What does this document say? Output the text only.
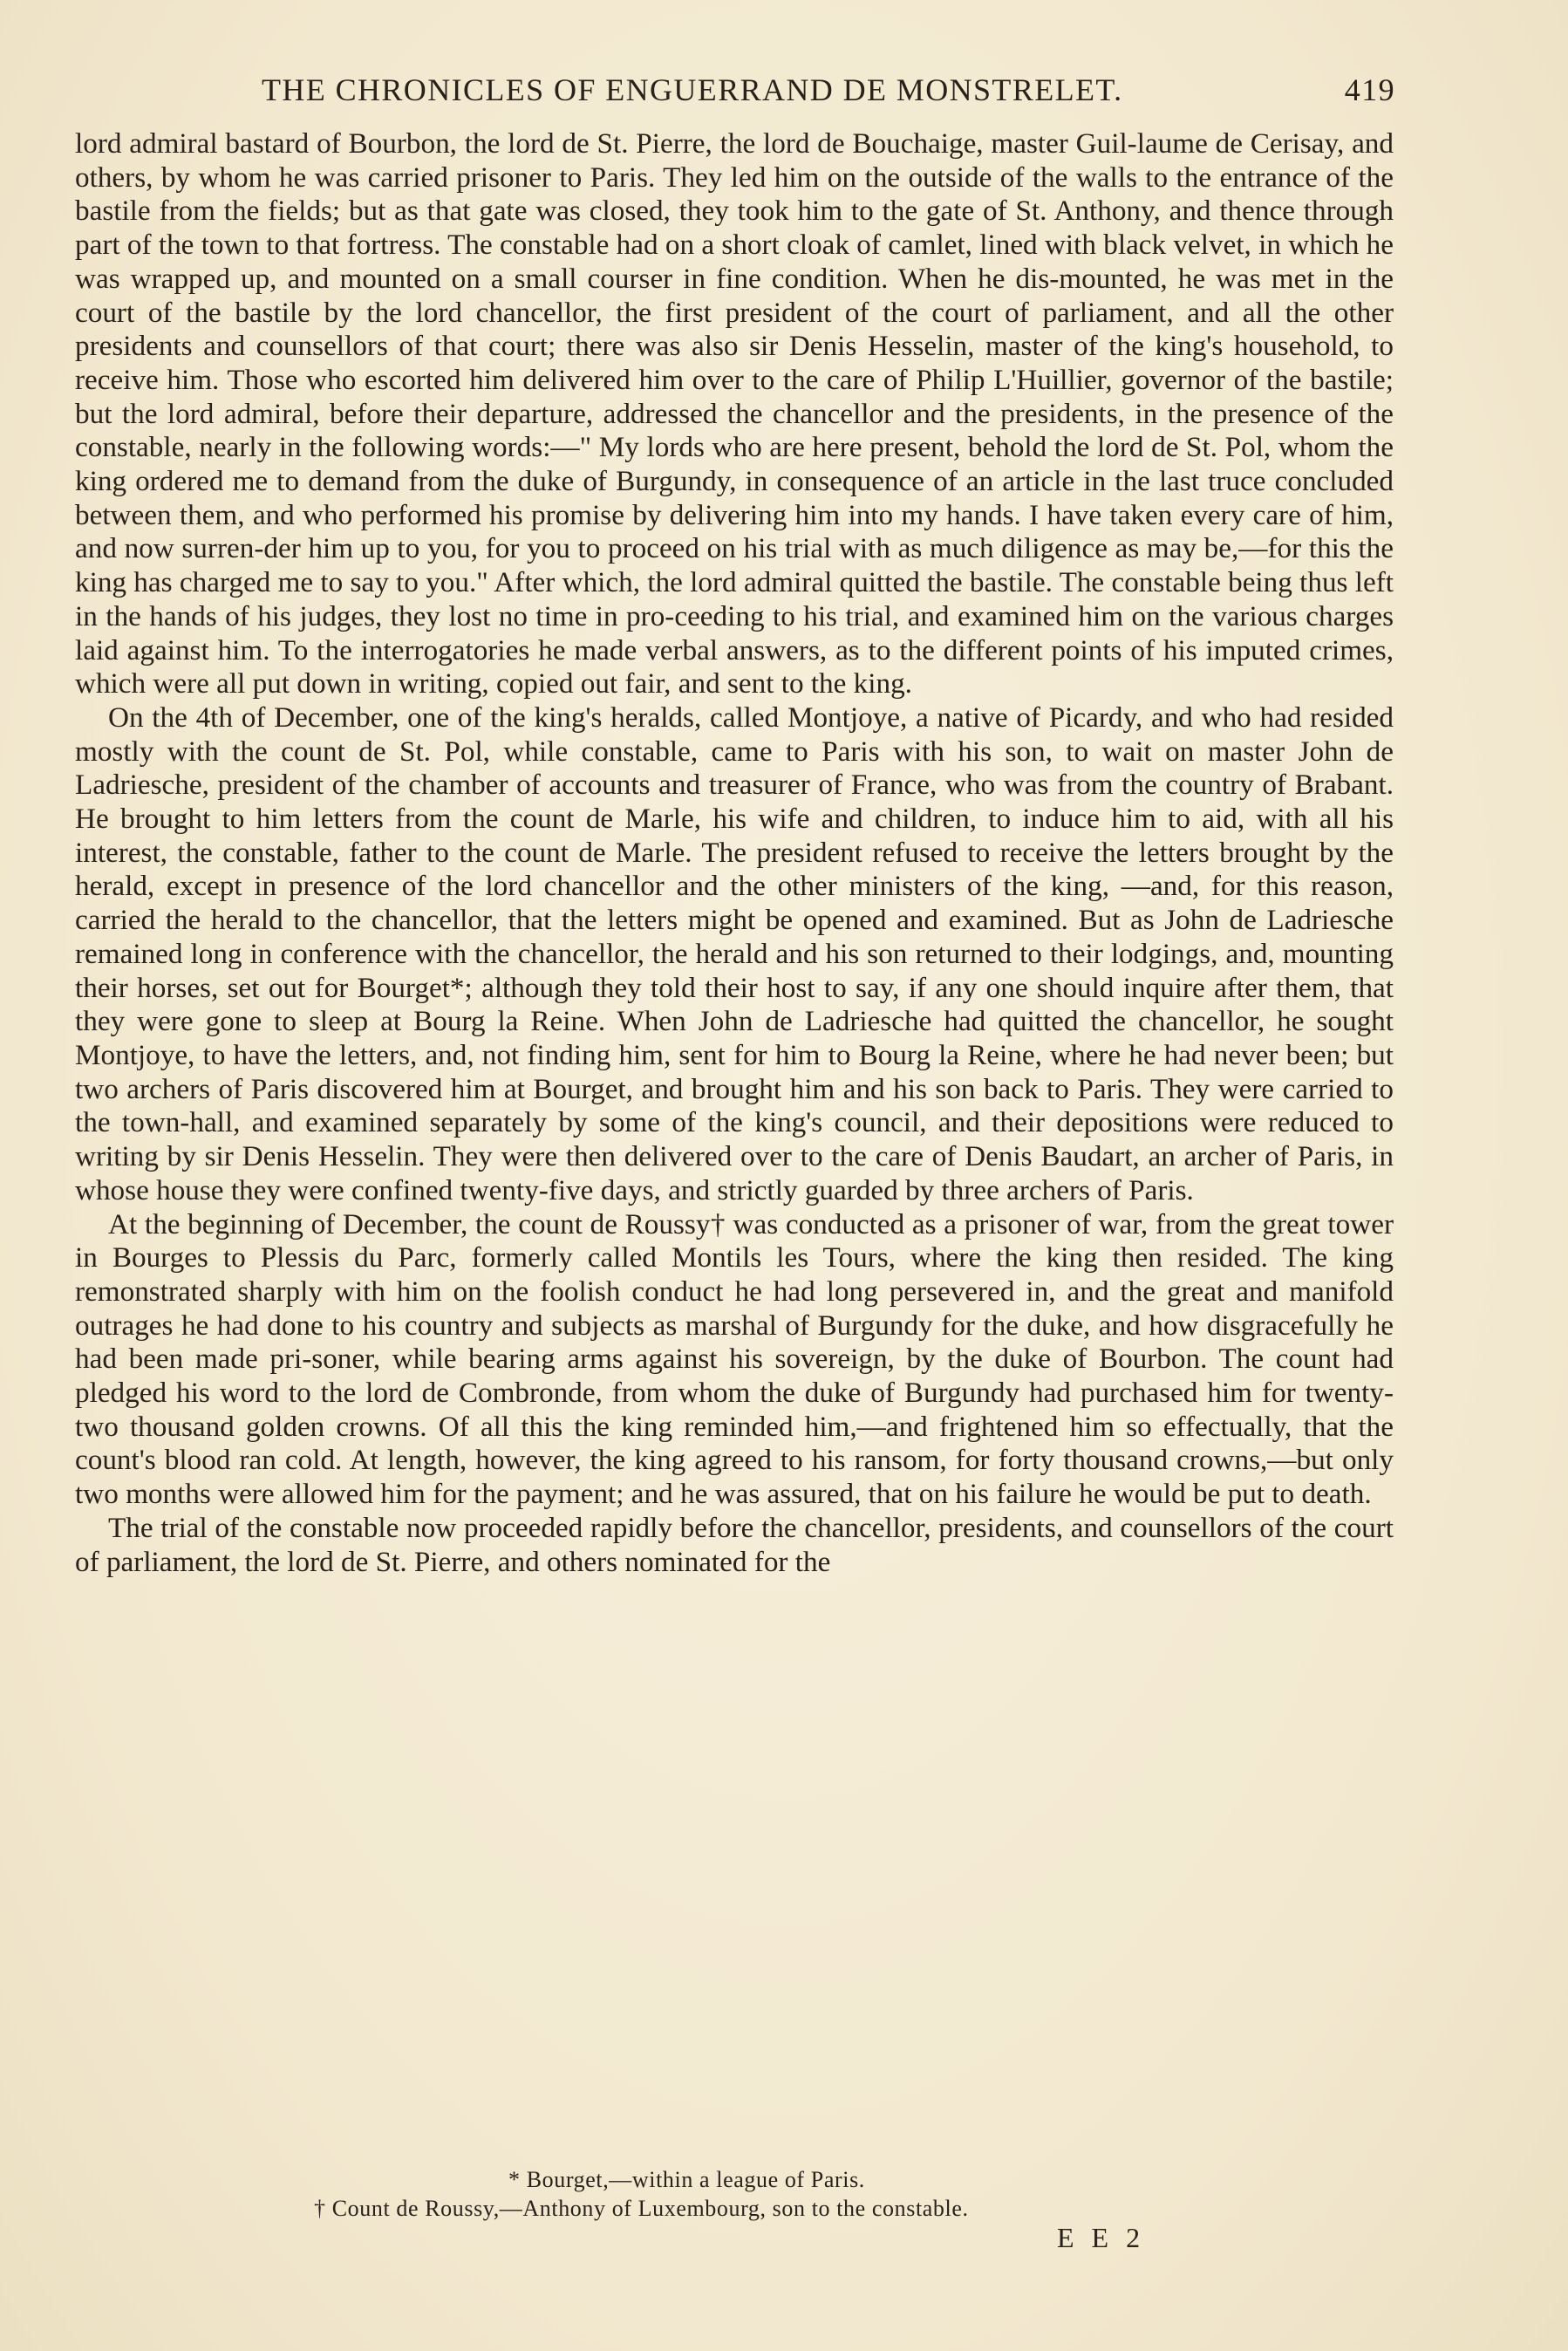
THE CHRONICLES OF ENGUERRAND DE MONSTRELET.	419

lord admiral bastard of Bourbon, the lord de St. Pierre, the lord de Bouchaige, master Guil-laume de Cerisay, and others, by whom he was carried prisoner to Paris. They led him on the outside of the walls to the entrance of the bastile from the fields; but as that gate was closed, they took him to the gate of St. Anthony, and thence through part of the town to that fortress. The constable had on a short cloak of camlet, lined with black velvet, in which he was wrapped up, and mounted on a small courser in fine condition. When he dis-mounted, he was met in the court of the bastile by the lord chancellor, the first president of the court of parliament, and all the other presidents and counsellors of that court; there was also sir Denis Hesselin, master of the king's household, to receive him. Those who escorted him delivered him over to the care of Philip L'Huillier, governor of the bastile; but the lord admiral, before their departure, addressed the chancellor and the presidents, in the presence of the constable, nearly in the following words:—" My lords who are here present, behold the lord de St. Pol, whom the king ordered me to demand from the duke of Burgundy, in consequence of an article in the last truce concluded between them, and who performed his promise by delivering him into my hands. I have taken every care of him, and now surren-der him up to you, for you to proceed on his trial with as much diligence as may be,—for this the king has charged me to say to you." After which, the lord admiral quitted the bastile. The constable being thus left in the hands of his judges, they lost no time in pro-ceeding to his trial, and examined him on the various charges laid against him. To the interrogatories he made verbal answers, as to the different points of his imputed crimes, which were all put down in writing, copied out fair, and sent to the king.

On the 4th of December, one of the king's heralds, called Montjoye, a native of Picardy, and who had resided mostly with the count de St. Pol, while constable, came to Paris with his son, to wait on master John de Ladriesche, president of the chamber of accounts and treasurer of France, who was from the country of Brabant. He brought to him letters from the count de Marle, his wife and children, to induce him to aid, with all his interest, the constable, father to the count de Marle. The president refused to receive the letters brought by the herald, except in presence of the lord chancellor and the other ministers of the king, —and, for this reason, carried the herald to the chancellor, that the letters might be opened and examined. But as John de Ladriesche remained long in conference with the chancellor, the herald and his son returned to their lodgings, and, mounting their horses, set out for Bourget*; although they told their host to say, if any one should inquire after them, that they were gone to sleep at Bourg la Reine. When John de Ladriesche had quitted the chancellor, he sought Montjoye, to have the letters, and, not finding him, sent for him to Bourg la Reine, where he had never been; but two archers of Paris discovered him at Bourget, and brought him and his son back to Paris. They were carried to the town-hall, and examined separately by some of the king's council, and their depositions were reduced to writing by sir Denis Hesselin. They were then delivered over to the care of Denis Baudart, an archer of Paris, in whose house they were confined twenty-five days, and strictly guarded by three archers of Paris.

At the beginning of December, the count de Roussy† was conducted as a prisoner of war, from the great tower in Bourges to Plessis du Parc, formerly called Montils les Tours, where the king then resided. The king remonstrated sharply with him on the foolish conduct he had long persevered in, and the great and manifold outrages he had done to his country and subjects as marshal of Burgundy for the duke, and how disgracefully he had been made pri-soner, while bearing arms against his sovereign, by the duke of Bourbon. The count had pledged his word to the lord de Combronde, from whom the duke of Burgundy had purchased him for twenty-two thousand golden crowns. Of all this the king reminded him,—and frightened him so effectually, that the count's blood ran cold. At length, however, the king agreed to his ransom, for forty thousand crowns,—but only two months were allowed him for the payment; and he was assured, that on his failure he would be put to death.

The trial of the constable now proceeded rapidly before the chancellor, presidents, and counsellors of the court of parliament, the lord de St. Pierre, and others nominated for the

* Bourget,—within a league of Paris.
† Count de Roussy,—Anthony of Luxembourg, son to the constable.
E E 2
